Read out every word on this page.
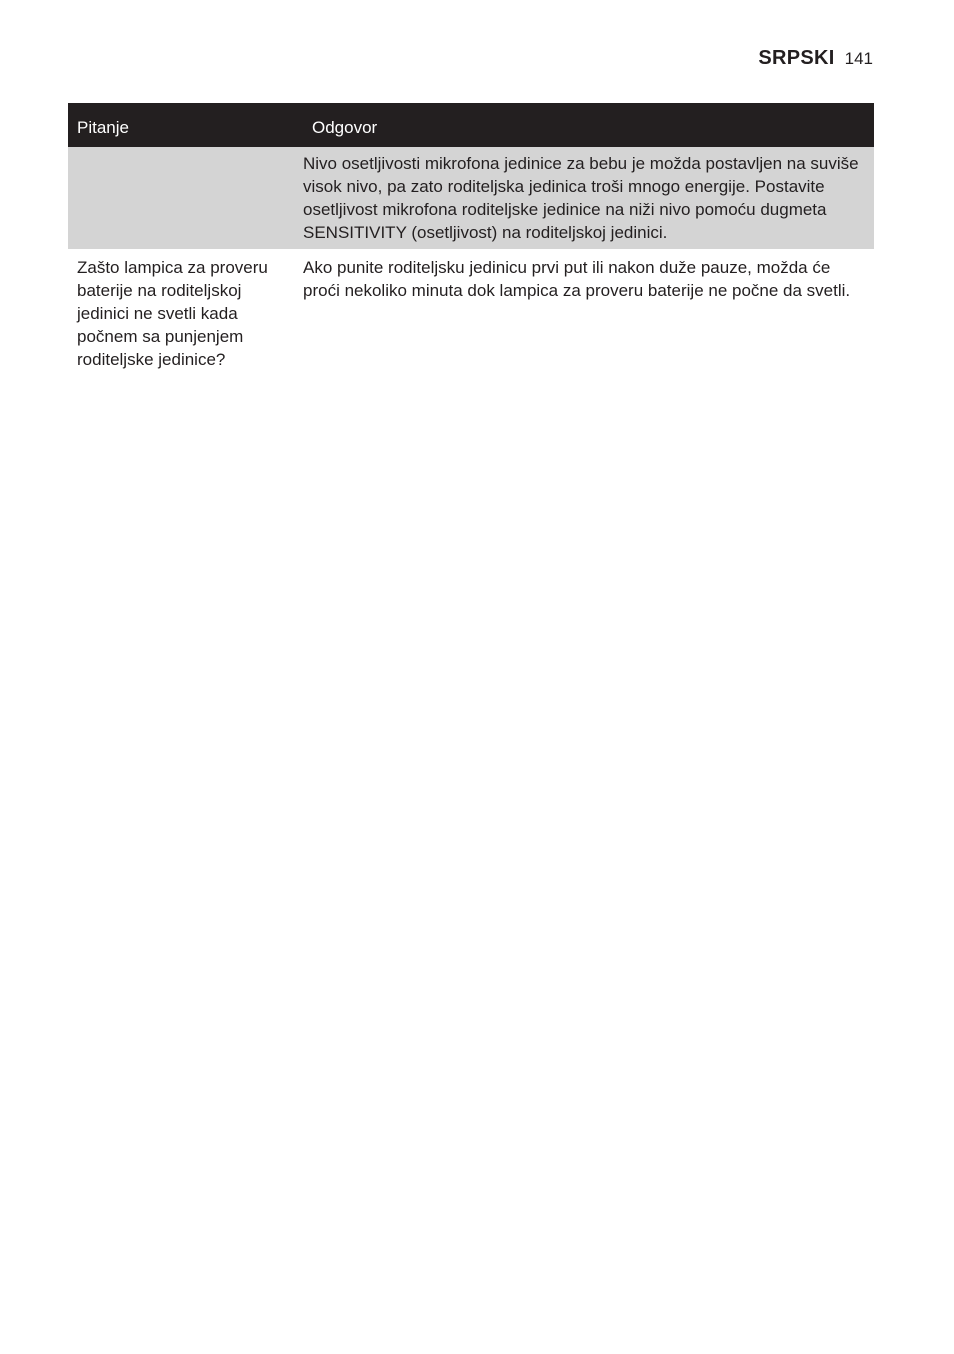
SRPSKI 141
Pitanje	Odgovor
Nivo osetljivosti mikrofona jedinice za bebu je možda postavljen na suviše visok nivo, pa zato roditeljska jedinica troši mnogo energije. Postavite osetljivost mikrofona roditeljske jedinice na niži nivo pomoću dugmeta SENSITIVITY (osetljivost) na roditeljskoj jedinici.
Zašto lampica za proveru baterije na roditeljskoj jedinici ne svetli kada počnem sa punjenjem roditeljske jedinice?
Ako punite roditeljsku jedinicu prvi put ili nakon duže pauze, možda će proći nekoliko minuta dok lampica za proveru baterije ne počne da svetli.
